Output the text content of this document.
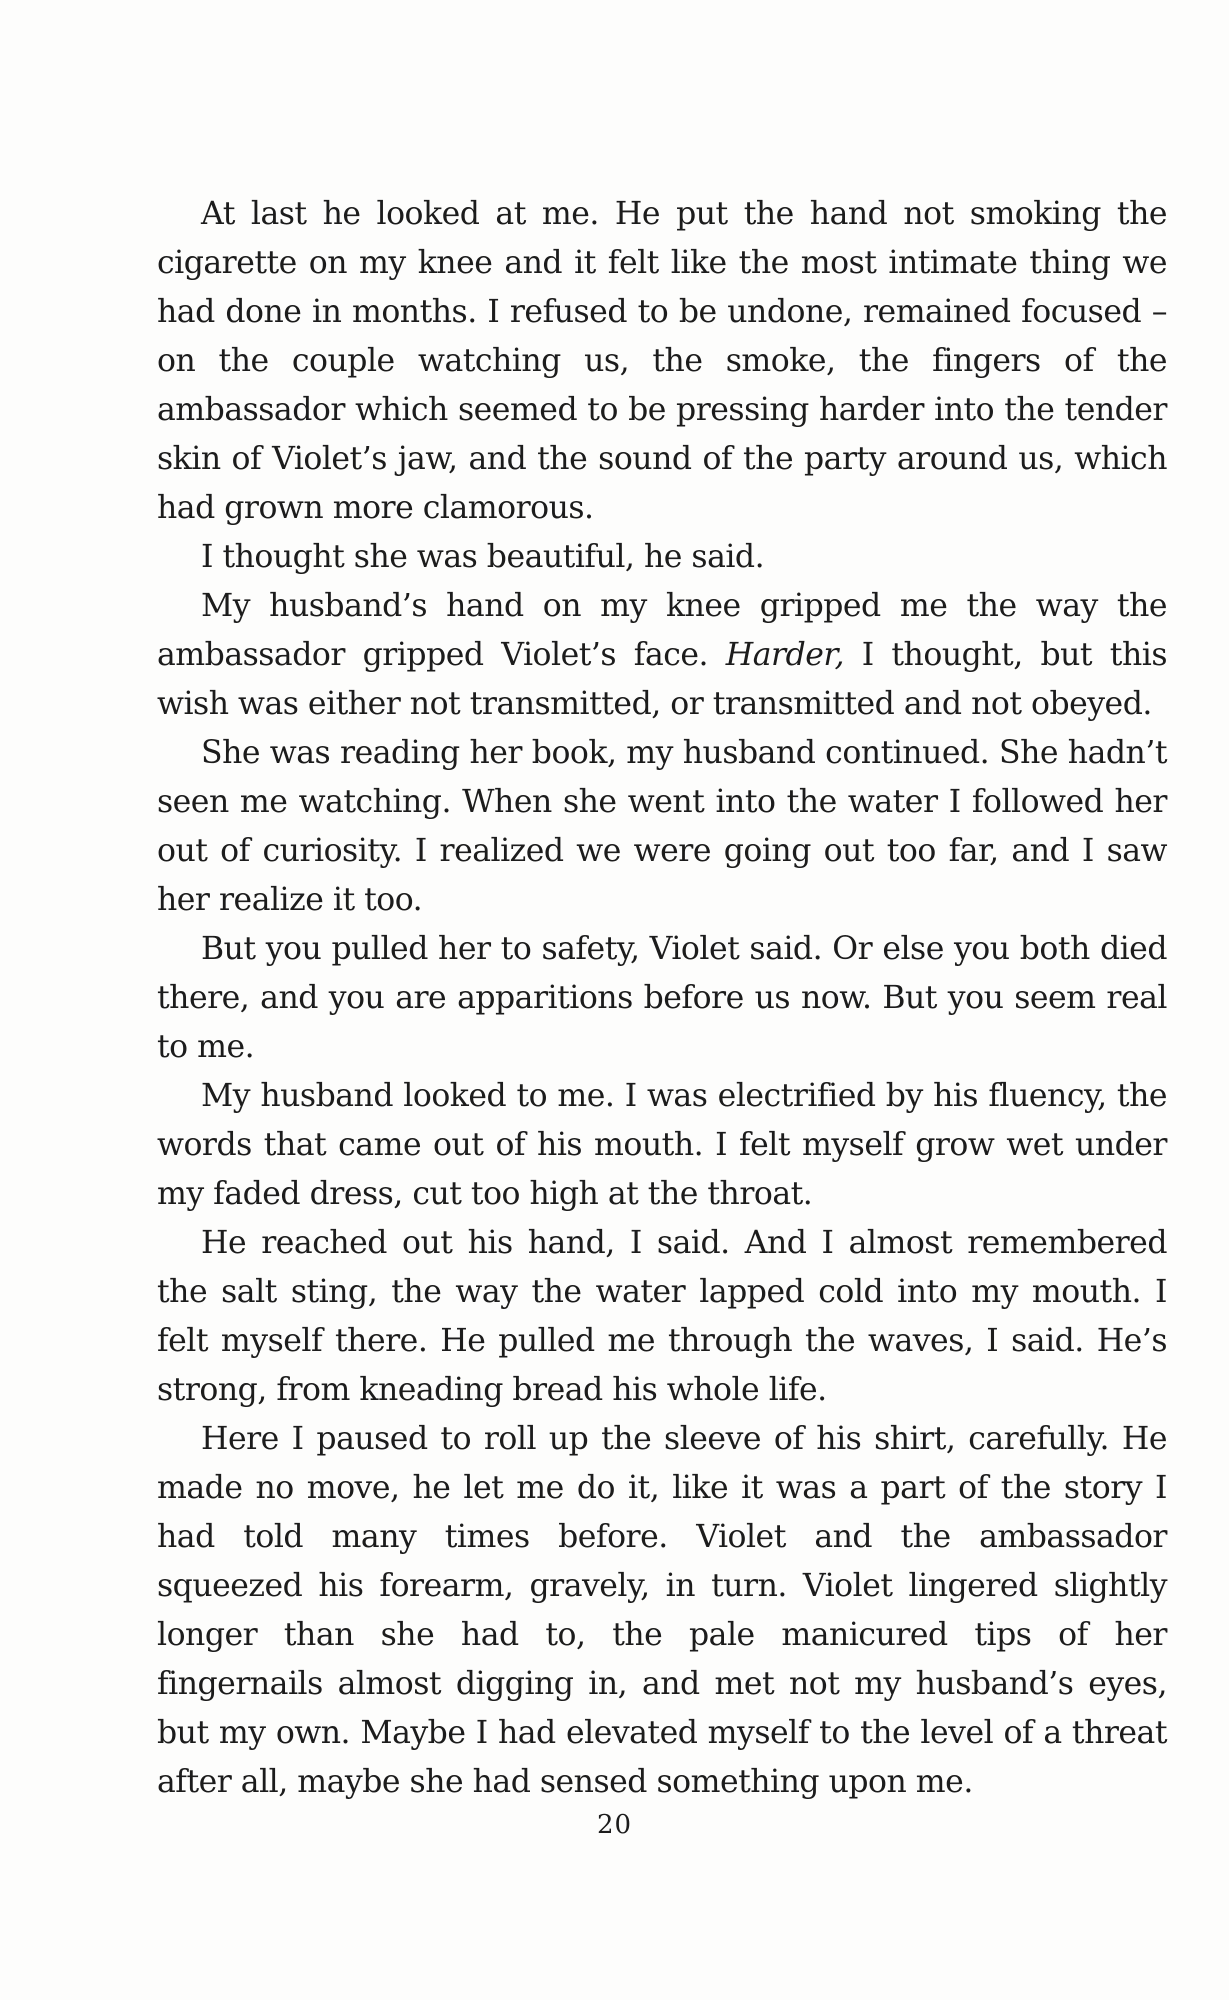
At last he looked at me. He put the hand not smoking the cigarette on my knee and it felt like the most intimate thing we had done in months. I refused to be undone, remained focused – on the couple watching us, the smoke, the fingers of the ambassador which seemed to be pressing harder into the tender skin of Violet’s jaw, and the sound of the party around us, which had grown more clamorous.

I thought she was beautiful, he said.

My husband’s hand on my knee gripped me the way the ambassador gripped Violet’s face. Harder, I thought, but this wish was either not transmitted, or transmitted and not obeyed.

She was reading her book, my husband continued. She hadn’t seen me watching. When she went into the water I followed her out of curiosity. I realized we were going out too far, and I saw her realize it too.

But you pulled her to safety, Violet said. Or else you both died there, and you are apparitions before us now. But you seem real to me.

My husband looked to me. I was electrified by his fluency, the words that came out of his mouth. I felt myself grow wet under my faded dress, cut too high at the throat.

He reached out his hand, I said. And I almost remembered the salt sting, the way the water lapped cold into my mouth. I felt myself there. He pulled me through the waves, I said. He’s strong, from kneading bread his whole life.

Here I paused to roll up the sleeve of his shirt, carefully. He made no move, he let me do it, like it was a part of the story I had told many times before. Violet and the ambassador squeezed his forearm, gravely, in turn. Violet lingered slightly longer than she had to, the pale manicured tips of her fingernails almost digging in, and met not my husband’s eyes, but my own. Maybe I had elevated myself to the level of a threat after all, maybe she had sensed something upon me.

20
